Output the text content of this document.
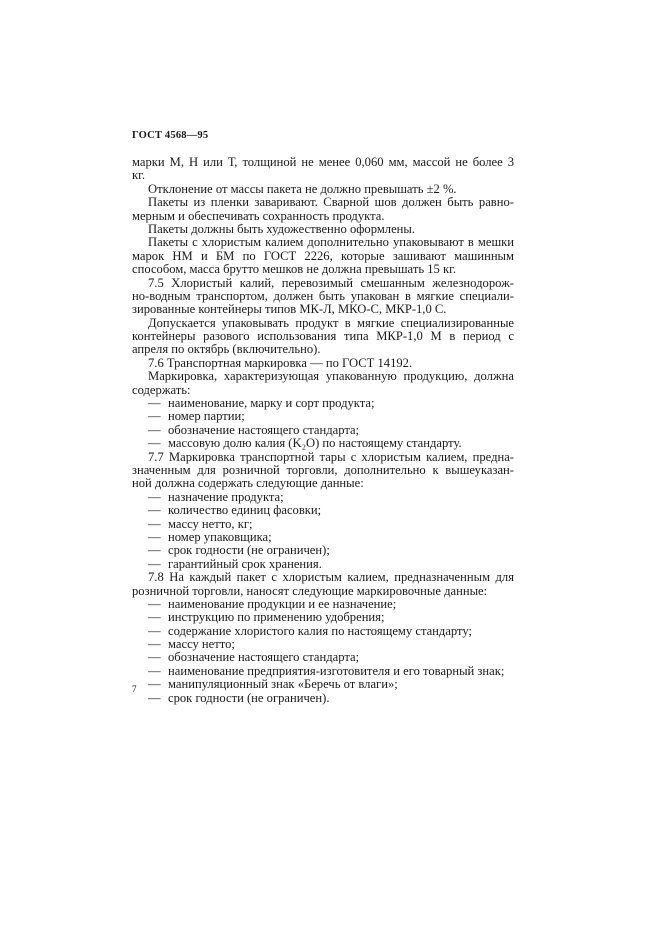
ГОСТ 4568—95
марки М, Н или Т, толщиной не менее 0,060 мм, массой не более 3
кг.
Отклонение от массы пакета не должно превышать ±2 %.
Пакеты из пленки заваривают. Сварной шов должен быть равно-
мерным и обеспечивать сохранность продукта.
Пакеты должны быть художественно оформлены.
Пакеты с хлористым калием дополнительно упаковывают в мешки
марок НМ и БМ по ГОСТ 2226, которые зашивают машинным
способом, масса брутто мешков не должна превышать 15 кг.
7.5 Хлористый калий, перевозимый смешанным железнодорож-
но-водным транспортом, должен быть упакован в мягкие специали-
зированные контейнеры типов МК-Л, МКО-С, МКР-1,0 С.
Допускается упаковывать продукт в мягкие специализированные
контейнеры разового использования типа МКР-1,0 М в период с
апреля по октябрь (включительно).
7.6 Транспортная маркировка — по ГОСТ 14192.
Маркировка, характеризующая упакованную продукцию, должна
содержать:
— наименование, марку и сорт продукта;
— номер партии;
— обозначение настоящего стандарта;
— массовую долю калия (K₂O) по настоящему стандарту.
7.7 Маркировка транспортной тары с хлористым калием, предна-
значенным для розничной торговли, дополнительно к вышеуказан-
ной должна содержать следующие данные:
— назначение продукта;
— количество единиц фасовки;
— массу нетто, кг;
— номер упаковщика;
— срок годности (не ограничен);
— гарантийный срок хранения.
7.8 На каждый пакет с хлористым калием, предназначенным для
розничной торговли, наносят следующие маркировочные данные:
— наименование продукции и ее назначение;
— инструкцию по применению удобрения;
— содержание хлористого калия по настоящему стандарту;
— массу нетто;
— обозначение настоящего стандарта;
— наименование предприятия-изготовителя и его товарный знак;
— манипуляционный знак «Беречь от влаги»;
— срок годности (не ограничен).
7
